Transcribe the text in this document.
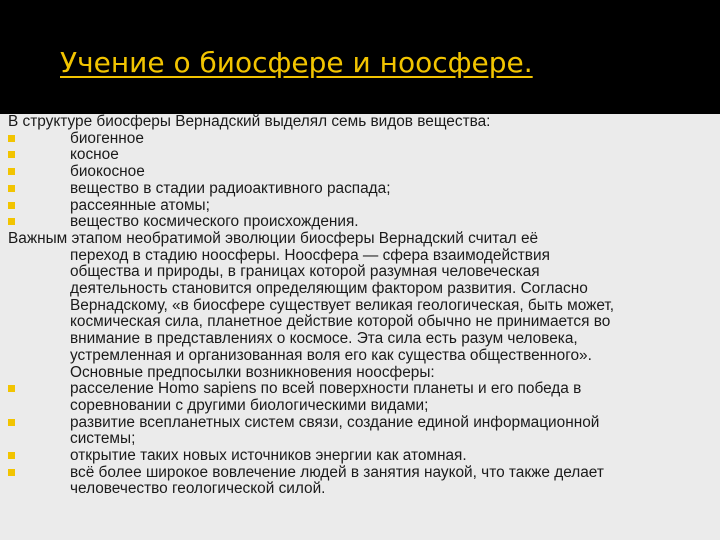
Учение о биосфере и ноосфере.
В структуре биосферы Вернадский выделял семь видов вещества:
биогенное
косное
биокосное
вещество в стадии радиоактивного распада;
рассеянные атомы;
вещество космического происхождения.
Важным этапом необратимой эволюции биосферы Вернадский считал её
переход в стадию ноосферы. Ноосфера — сфера взаимодействия
общества и природы, в границах которой разумная человеческая
деятельность становится определяющим фактором развития. Согласно
Вернадскому, «в биосфере существует великая геологическая, быть может,
космическая сила, планетное действие которой обычно не принимается во
внимание в представлениях о космосе. Эта сила есть разум человека,
устремленная и организованная воля его как существа общественного».
Основные предпосылки возникновения ноосферы:
расселение Homo sapiens по всей поверхности планеты и его победа в
соревновании с другими биологическими видами;
развитие всепланетных систем связи, создание единой информационной
системы;
открытие таких новых источников энергии как атомная.
всё более широкое вовлечение людей в занятия наукой, что также делает
человечество геологической силой.
